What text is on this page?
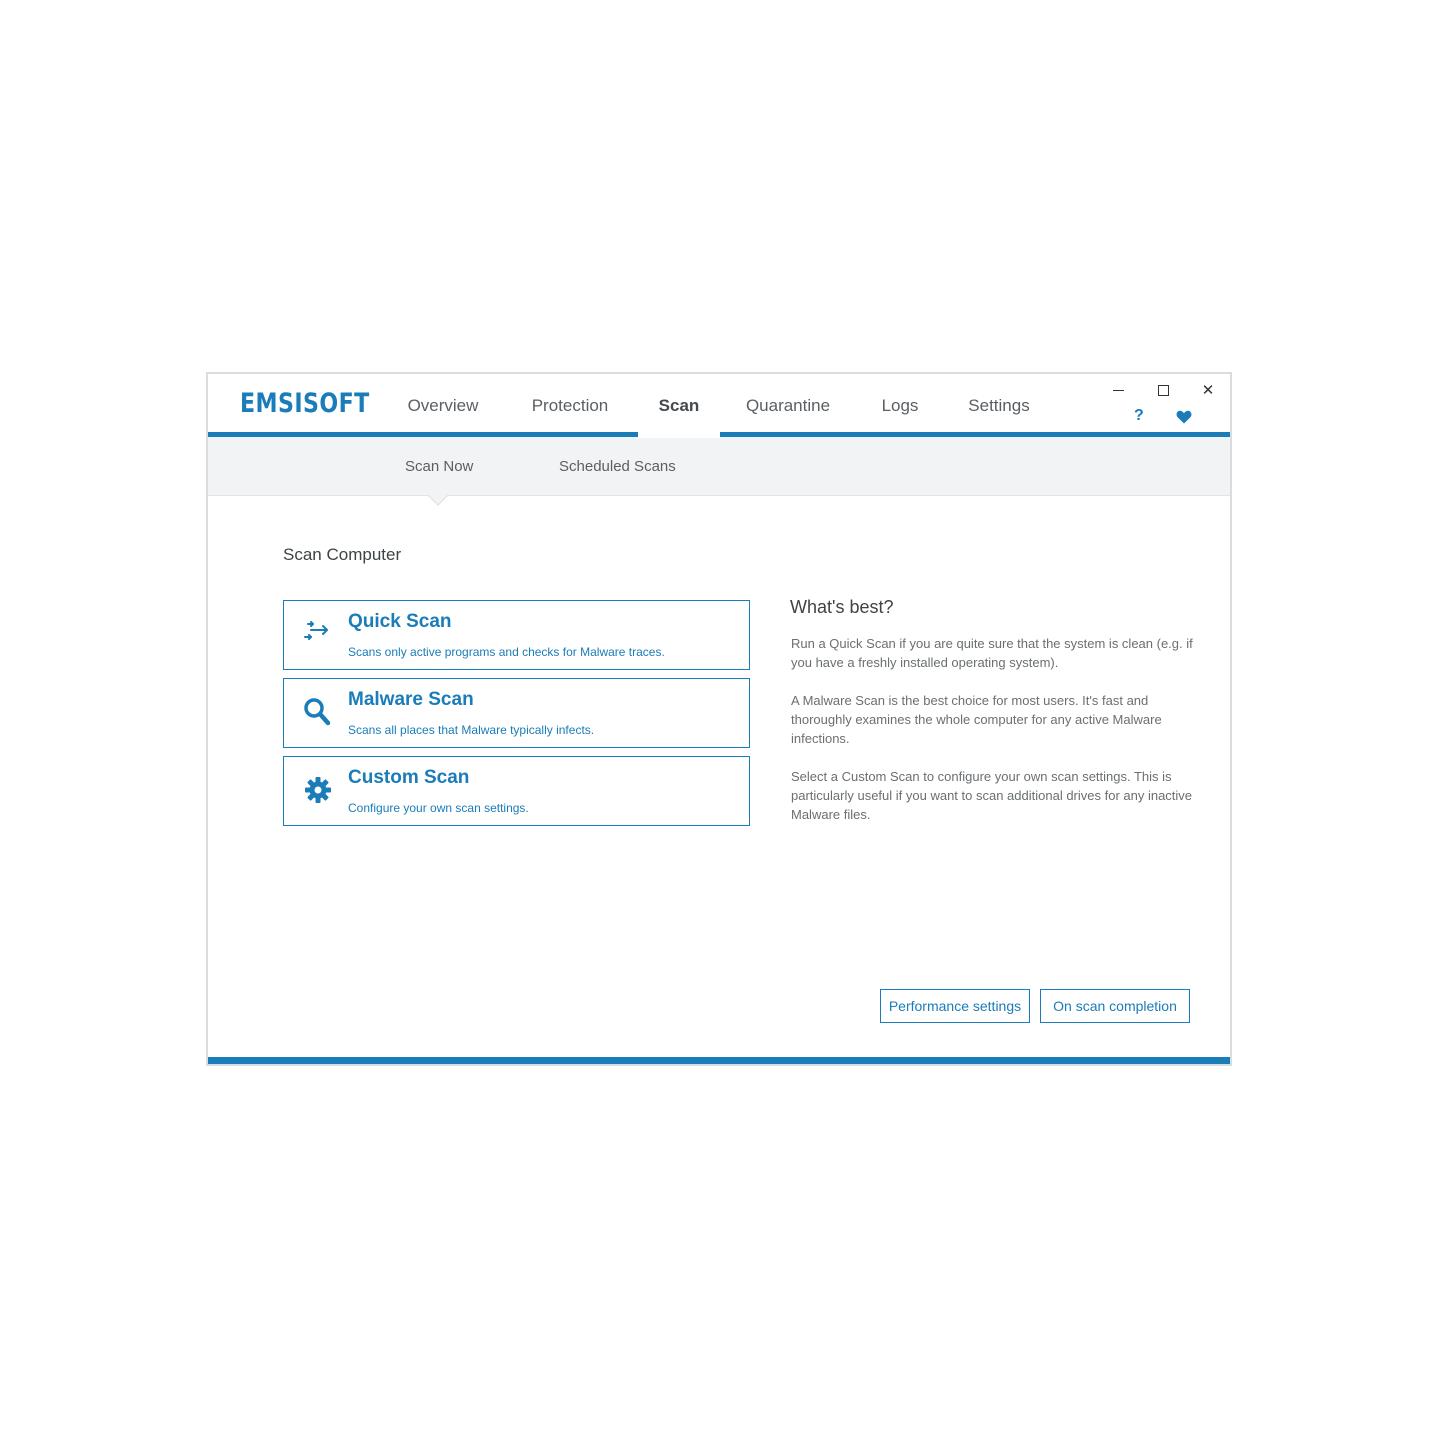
EMSISOFT	Overview	Protection	Scan	Quarantine	Logs	Settings
✕
?
Scan Now	Scheduled Scans
Scan Computer
Quick Scan
Scans only active programs and checks for Malware traces.
Malware Scan
Scans all places that Malware typically infects.
Custom Scan
Configure your own scan settings.
What's best?
Run a Quick Scan if you are quite sure that the system is clean (e.g. if you have a freshly installed operating system).
A Malware Scan is the best choice for most users. It's fast and thoroughly examines the whole computer for any active Malware infections.
Select a Custom Scan to configure your own scan settings. This is particularly useful if you want to scan additional drives for any inactive Malware files.
Performance settings	On scan completion
